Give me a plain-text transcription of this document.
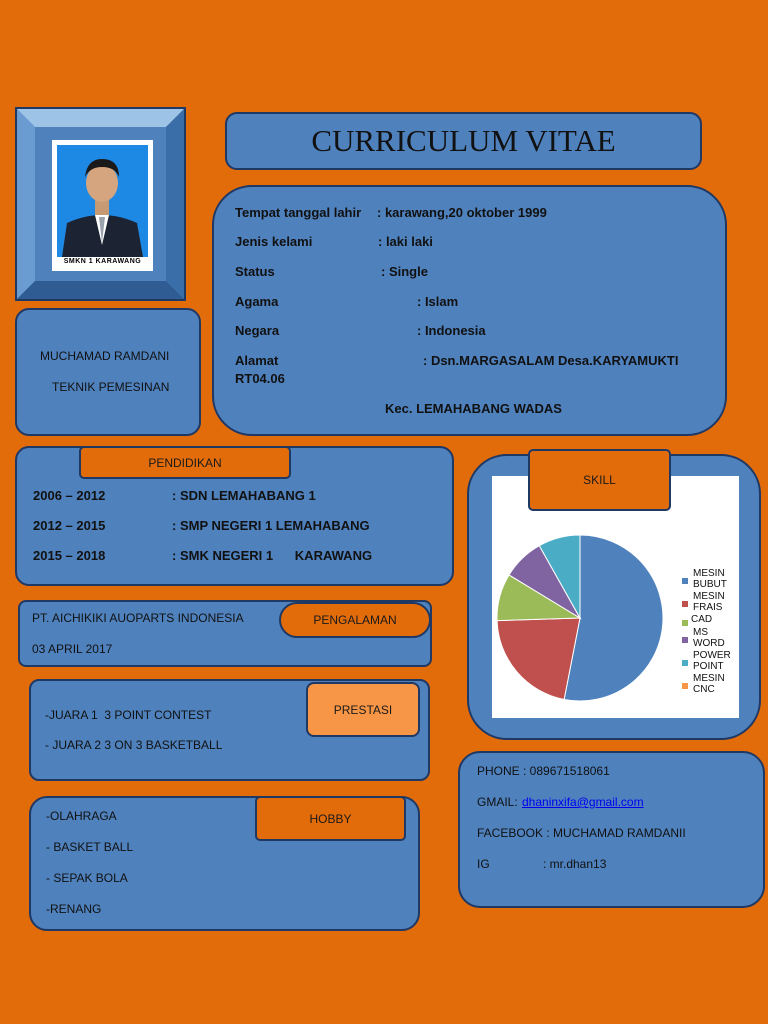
SMKN 1 KARAWANG
CURRICULUM VITAE
Tempat tanggal lahir : karawang,20 oktober 1999
Jenis kelami	: laki laki
Status	: Single
Agama	: Islam
Negara	: Indonesia
Alamat	: Dsn.MARGASALAM Desa.KARYAMUKTI
RT04.06
Kec. LEMAHABANG WADAS
MUCHAMAD RAMDANI
TEKNIK PEMESINAN
PENDIDIKAN
2006 – 2012	: SDN LEMAHABANG 1
2012 – 2015	: SMP NEGERI 1 LEMAHABANG
2015 – 2018	: SMK NEGERI 1      KARAWANG
MESIN BUBUT
MESIN FRAIS
CAD
MS WORD
POWER POINT
MESIN CNC
SKILL
PT. AICHIKIKI AUOPARTS INDONESIA
03 APRIL 2017
PENGALAMAN
-JUARA 1  3 POINT CONTEST
- JUARA 2 3 ON 3 BASKETBALL
PRESTASI
PHONE : 089671518061
GMAIL: dhaninxifa@gmail.com
FACEBOOK : MUCHAMAD RAMDANII
IG	: mr.dhan13
-OLAHRAGA
- BASKET BALL
- SEPAK BOLA
-RENANG
HOBBY
